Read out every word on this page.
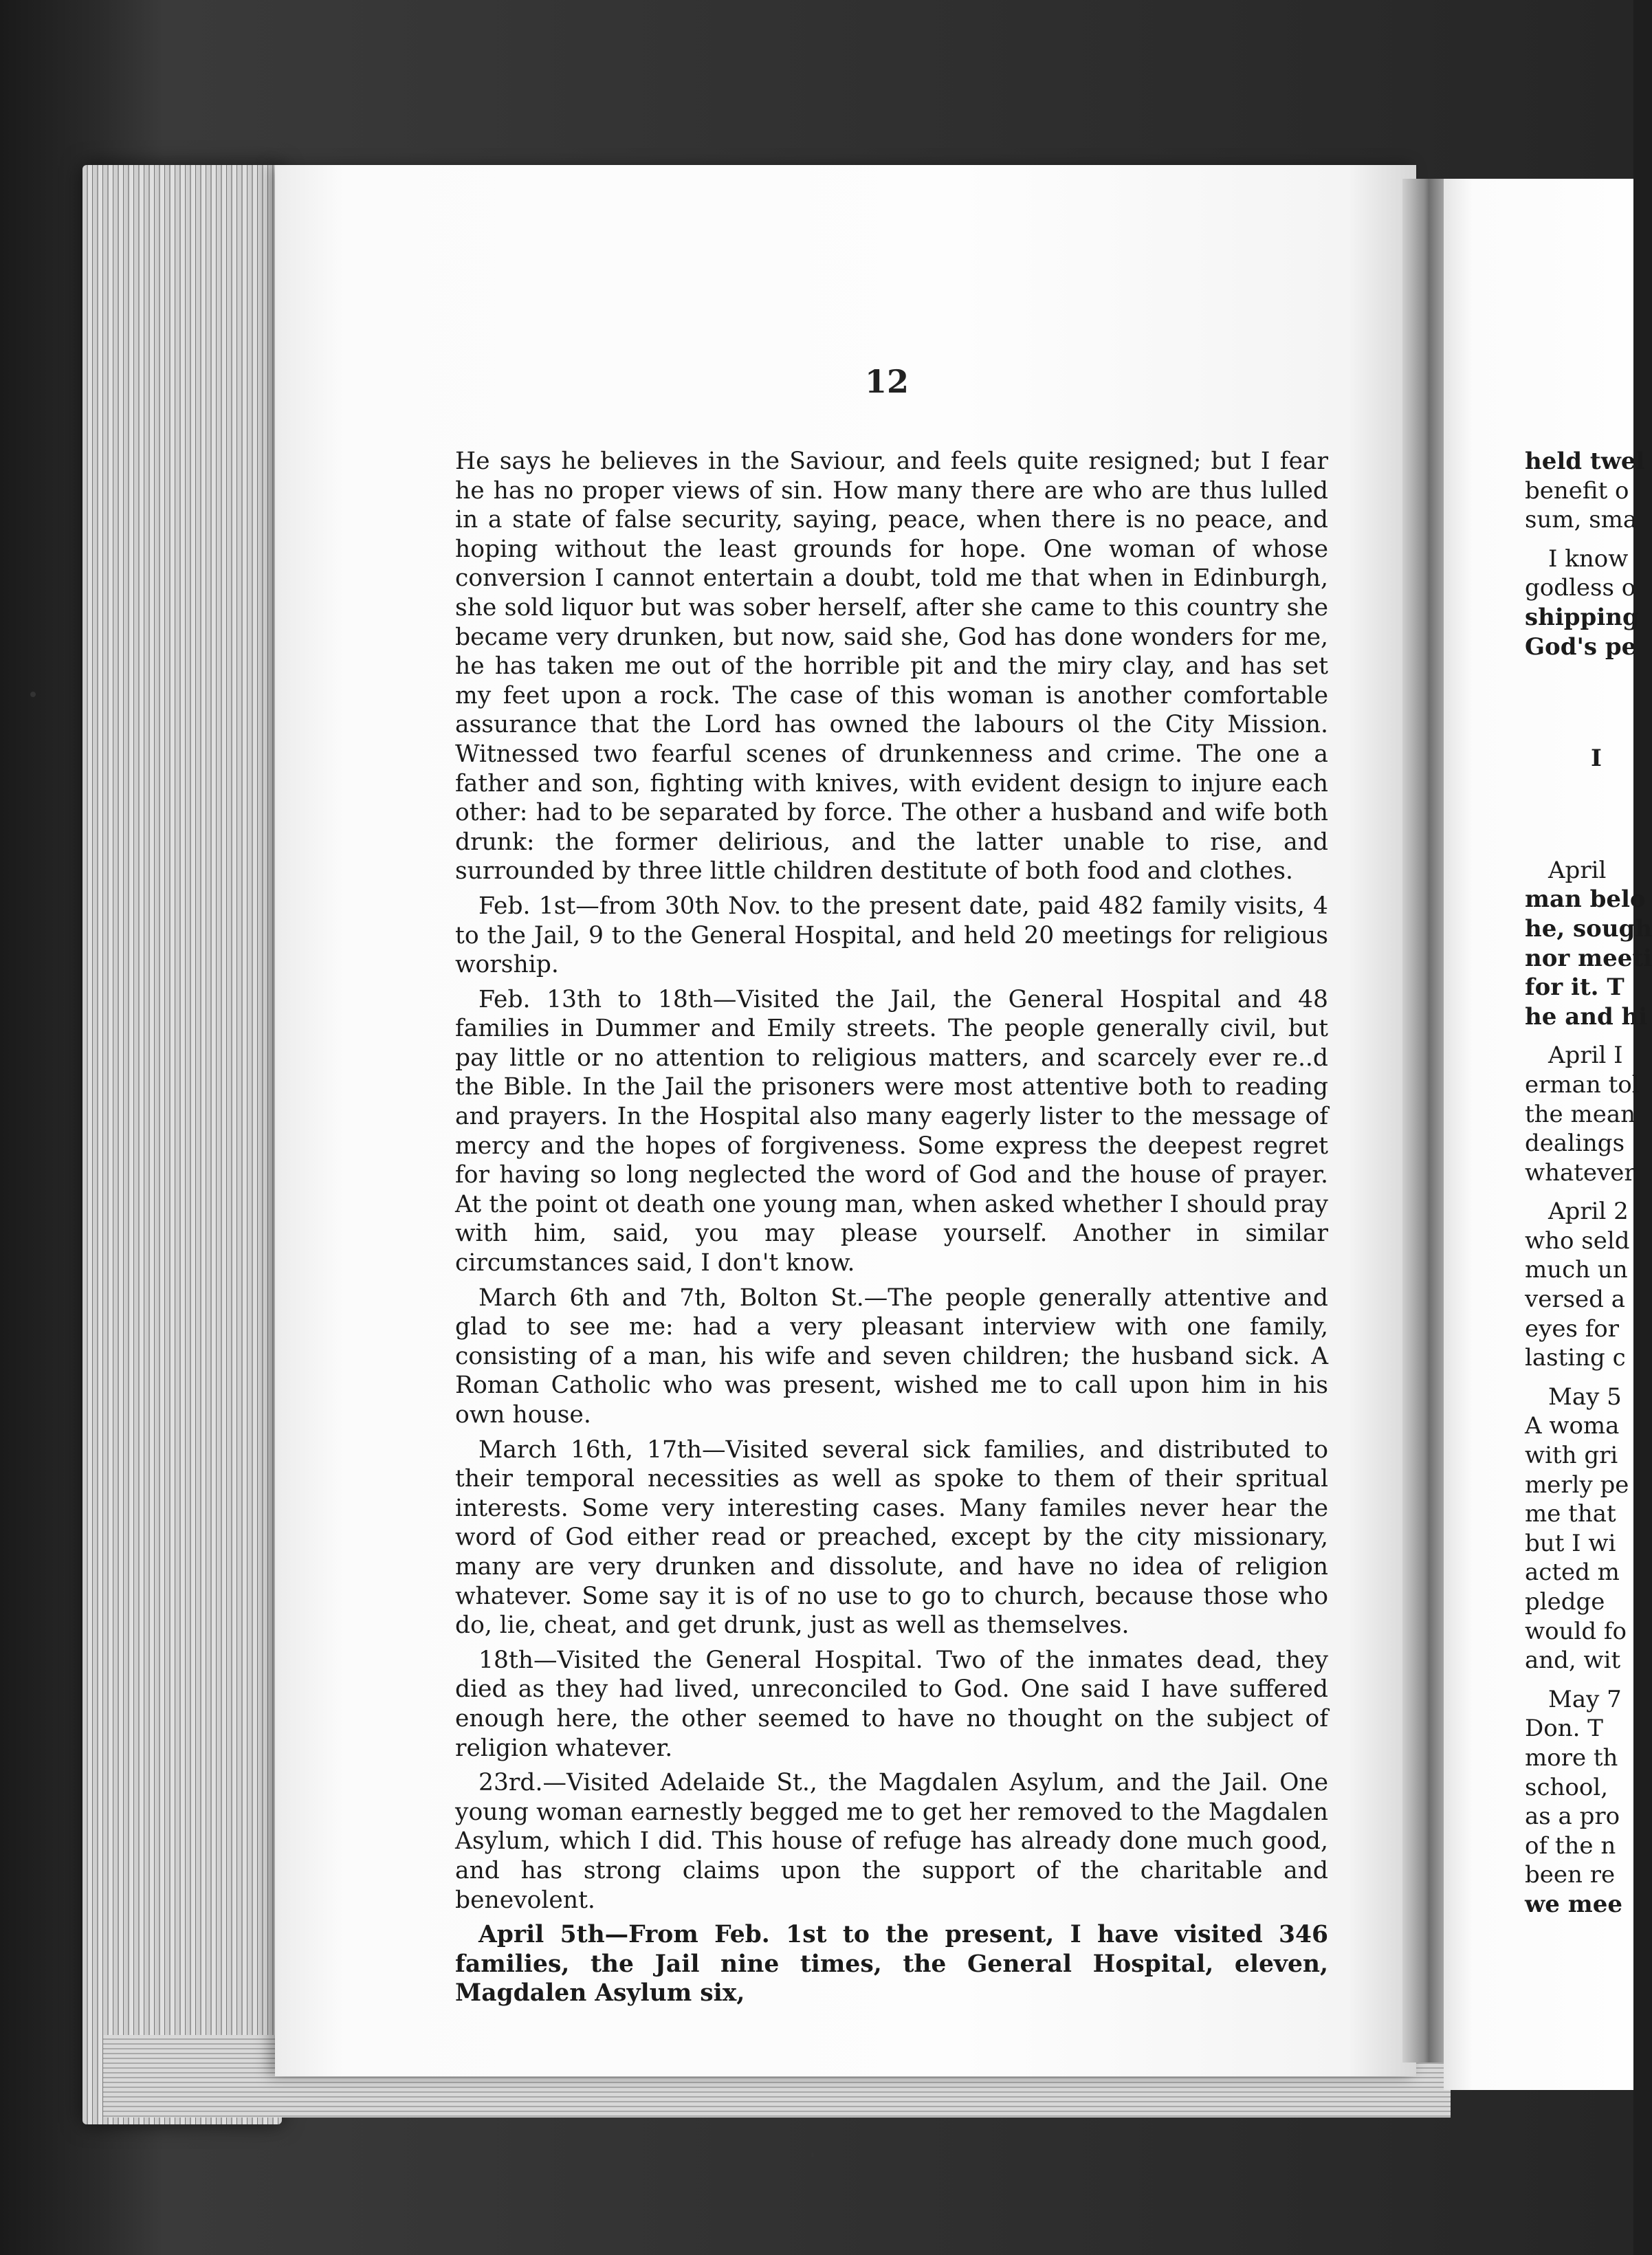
12

He says he believes in the Saviour, and feels quite resigned; but I fear he has no proper views of sin. How many there are who are thus lulled in a state of false security, saying, peace, when there is no peace, and hoping without the least grounds for hope. One woman of whose conversion I cannot entertain a doubt, told me that when in Edinburgh, she sold liquor but was sober herself, after she came to this country she became very drunken, but now, said she, God has done wonders for me, he has taken me out of the horrible pit and the miry clay, and has set my feet upon a rock. The case of this woman is another comfortable assurance that the Lord has owned the labours ol the City Mission. Witnessed two fearful scenes of drunkenness and crime. The one a father and son, fighting with knives, with evident design to injure each other: had to be separated by force. The other a husband and wife both drunk: the former delirious, and the latter unable to rise, and surrounded by three little children destitute of both food and clothes.

Feb. 1st—from 30th Nov. to the present date, paid 482 family visits, 4 to the Jail, 9 to the General Hospital, and held 20 meetings for religious worship.

Feb. 13th to 18th—Visited the Jail, the General Hospital and 48 families in Dummer and Emily streets. The people generally civil, but pay little or no attention to religious matters, and scarcely ever re..d the Bible. In the Jail the prisoners were most attentive both to reading and prayers. In the Hospital also many eagerly lister to the message of mercy and the hopes of forgiveness. Some express the deepest regret for having so long neglected the word of God and the house of prayer. At the point ot death one young man, when asked whether I should pray with him, said, you may please yourself. Another in similar circumstances said, I don't know.

March 6th and 7th, Bolton St.—The people generally attentive and glad to see me: had a very pleasant interview with one family, consisting of a man, his wife and seven children; the husband sick. A Roman Catholic who was present, wished me to call upon him in his own house.

March 16th, 17th—Visited several sick families, and distributed to their temporal necessities as well as spoke to them of their spritual interests. Some very interesting cases. Many familes never hear the word of God either read or preached, except by the city missionary, many are very drunken and dissolute, and have no idea of religion whatever. Some say it is of no use to go to church, because those who do, lie, cheat, and get drunk, just as well as themselves.

18th—Visited the General Hospital. Two of the inmates dead, they died as they had lived, unreconciled to God. One said I have suffered enough here, the other seemed to have no thought on the subject of religion whatever.

23rd.—Visited Adelaide St., the Magdalen Asylum, and the Jail. One young woman earnestly begged me to get her removed to the Magdalen Asylum, which I did. This house of refuge has already done much good, and has strong claims upon the support of the charitable and benevolent.

April 5th—From Feb. 1st to the present, I have visited 346 families, the Jail nine times, the General Hospital, eleven, Magdalen Asylum six,

held twel
benefit o
sum, sma
I know
godless o
shipping
God's pe
I
April
man belo
he, sough
nor meeti
for it. T
he and hi
April I
erman tol
the mean
dealings
whatever
April 2
who seld
much un
versed a
eyes for
lasting c
May 5
A woma
with gri
merly pe
me that
but I wi
acted m
pledge
would fo
and, wit
May 7
Don. T
more th
school,
as a pro
of the n
been re
we mee
